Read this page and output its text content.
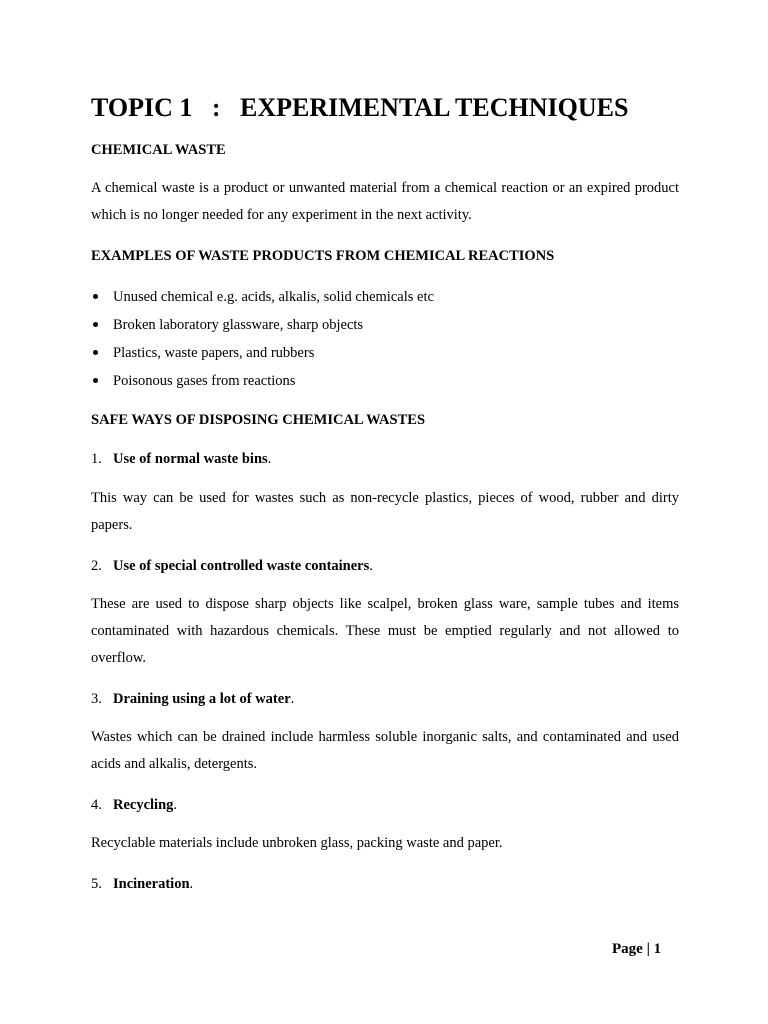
TOPIC 1   :   EXPERIMENTAL TECHNIQUES
CHEMICAL WASTE
A chemical waste is a product or unwanted material from a chemical reaction or an expired product which is no longer needed for any experiment in the next activity.
EXAMPLES OF WASTE PRODUCTS FROM CHEMICAL REACTIONS
Unused chemical e.g. acids, alkalis, solid chemicals etc
Broken laboratory glassware, sharp objects
Plastics, waste papers, and rubbers
Poisonous gases from reactions
SAFE WAYS OF DISPOSING CHEMICAL WASTES
1. Use of normal waste bins.
This way can be used for wastes such as non-recycle plastics, pieces of wood, rubber and dirty papers.
2. Use of special controlled waste containers.
These are used to dispose sharp objects like scalpel, broken glass ware, sample tubes and items contaminated with hazardous chemicals. These must be emptied regularly and not allowed to overflow.
3. Draining using a lot of water.
Wastes which can be drained include harmless soluble inorganic salts, and contaminated and used acids and alkalis, detergents.
4. Recycling.
Recyclable materials include unbroken glass, packing waste and paper.
5. Incineration.
Page | 1
